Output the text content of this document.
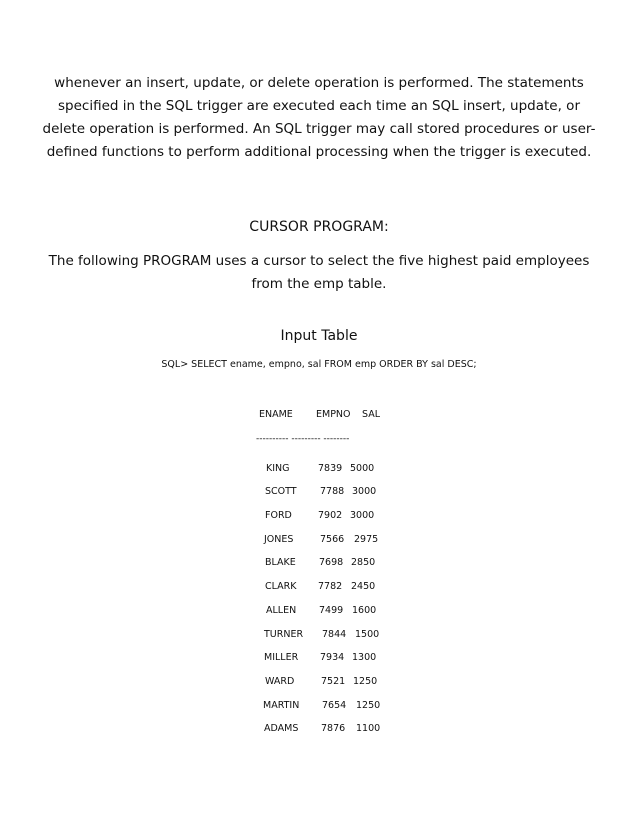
whenever an insert, update, or delete operation is performed. The statements specified in the SQL trigger are executed each time an SQL insert, update, or delete operation is performed. An SQL trigger may call stored procedures or user-defined functions to perform additional processing when the trigger is executed.

CURSOR PROGRAM:

The following PROGRAM uses a cursor to select the five highest paid employees from the emp table.

Input Table
SQL> SELECT ename, empno, sal FROM emp ORDER BY sal DESC;
ENAME EMPNO SAL
---------- --------- --------
KING	7839 5000
SCOTT 7788 3000
FORD	7902 3000
JONES	7566 2975
BLAKE 7698 2850
CLARK 7782 2450
ALLEN 7499 1600
TURNER 7844 1500
MILLER 7934 1300
WARD	7521 1250
MARTIN 7654 1250
ADAMS 7876 1100
